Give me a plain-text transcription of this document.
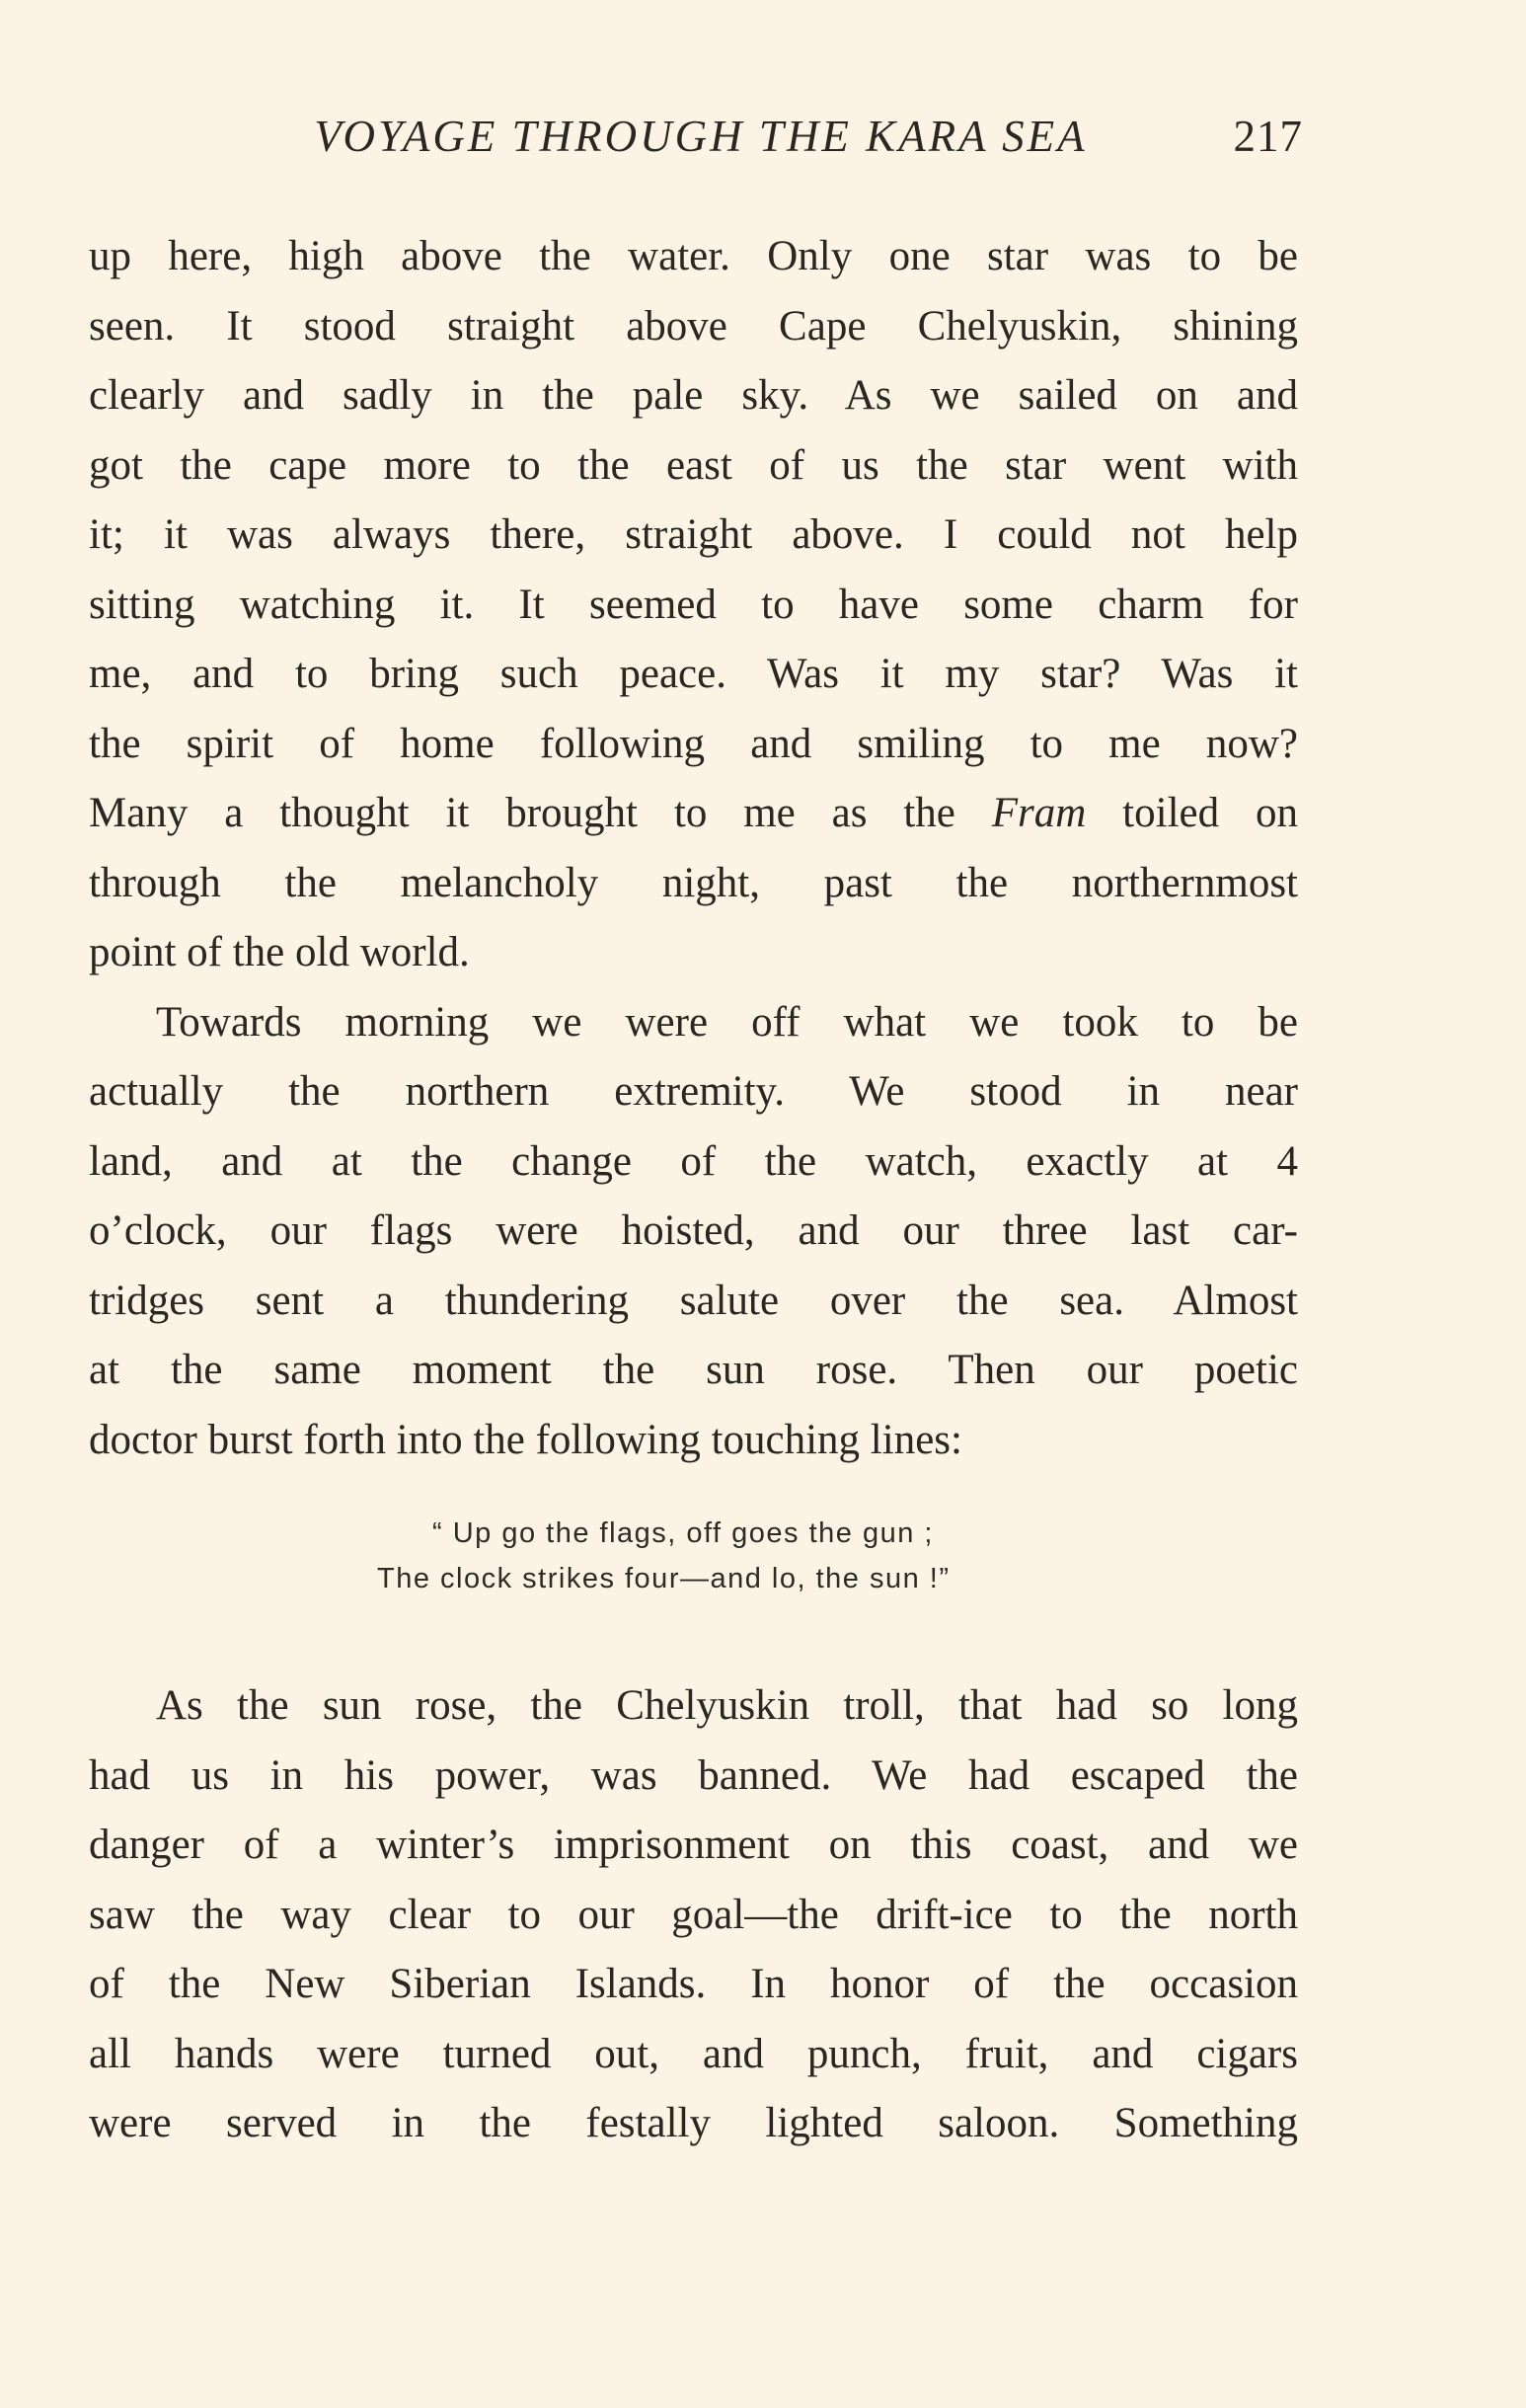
VOYAGE THROUGH THE KARA SEA	217
up here, high above the water. Only one star was to be
seen. It stood straight above Cape Chelyuskin, shining
clearly and sadly in the pale sky. As we sailed on and
got the cape more to the east of us the star went with
it; it was always there, straight above. I could not help
sitting watching it. It seemed to have some charm for
me, and to bring such peace. Was it my star? Was it
the spirit of home following and smiling to me now?
Many a thought it brought to me as the Fram toiled on
through the melancholy night, past the northernmost
point of the old world.
Towards morning we were off what we took to be
actually the northern extremity. We stood in near
land, and at the change of the watch, exactly at 4
o’clock, our flags were hoisted, and our three last car-
tridges sent a thundering salute over the sea. Almost
at the same moment the sun rose. Then our poetic
doctor burst forth into the following touching lines:
“ Up go the flags, off goes the gun ;
The clock strikes four—and lo, the sun !”
As the sun rose, the Chelyuskin troll, that had so long
had us in his power, was banned. We had escaped the
danger of a winter’s imprisonment on this coast, and we
saw the way clear to our goal—the drift-ice to the north
of the New Siberian Islands. In honor of the occasion
all hands were turned out, and punch, fruit, and cigars
were served in the festally lighted saloon. Something
